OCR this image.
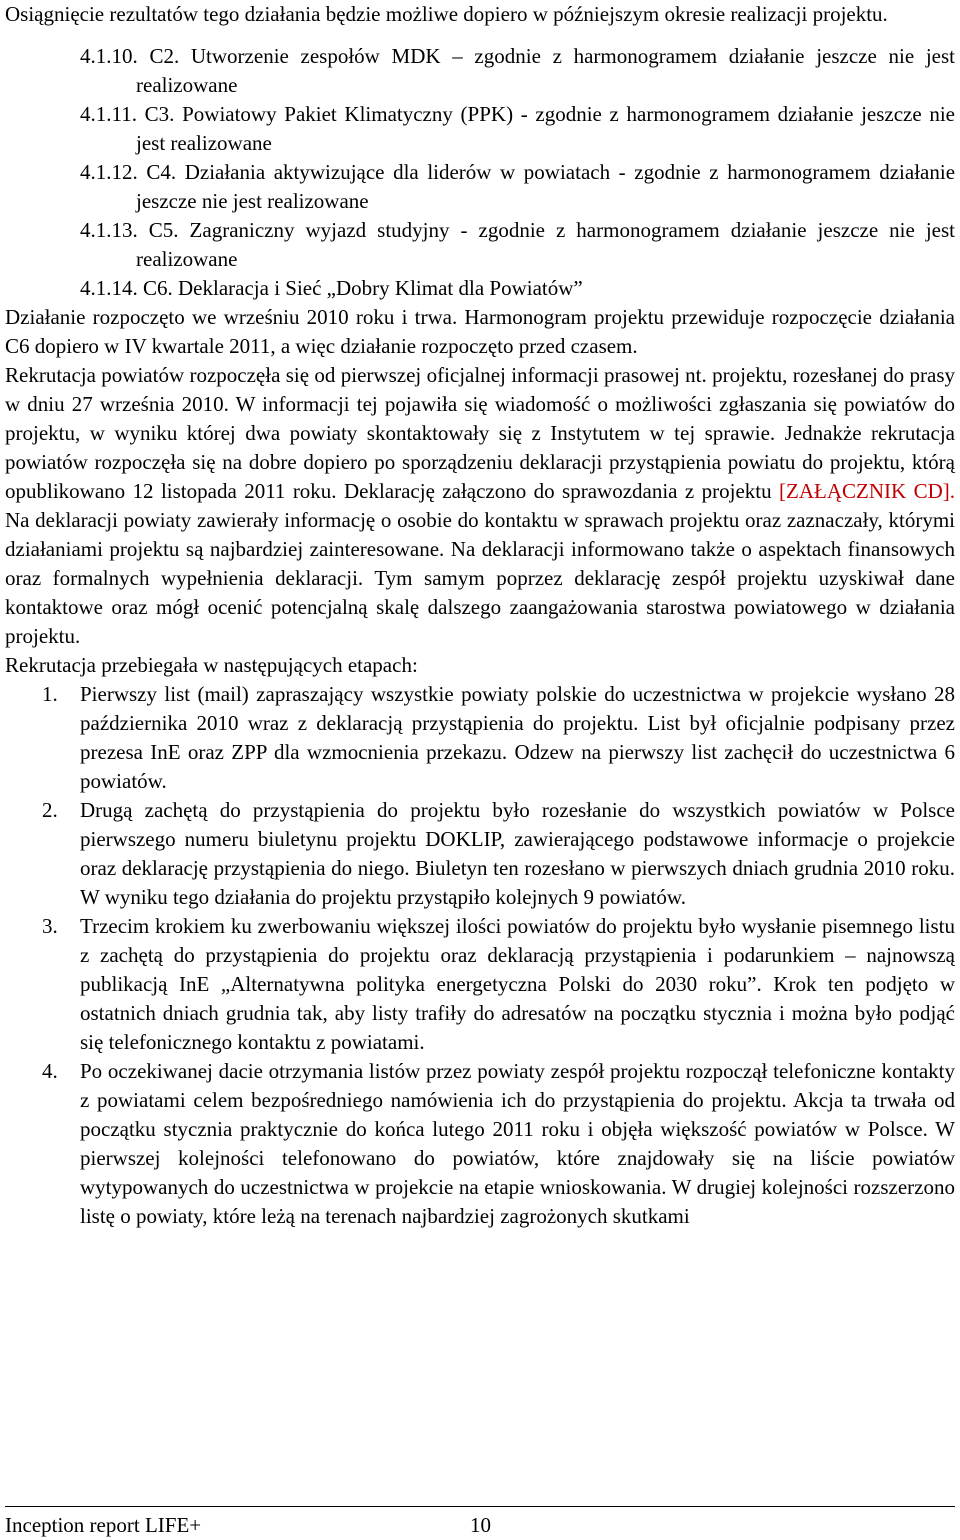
Osiągnięcie rezultatów tego działania będzie możliwe dopiero w późniejszym okresie realizacji projektu.

4.1.10. C2. Utworzenie zespołów MDK – zgodnie z harmonogramem działanie jeszcze nie jest realizowane
4.1.11. C3. Powiatowy Pakiet Klimatyczny (PPK) - zgodnie z harmonogramem działanie jeszcze nie jest realizowane
4.1.12. C4. Działania aktywizujące dla liderów w powiatach - zgodnie z harmonogramem działanie jeszcze nie jest realizowane
4.1.13. C5. Zagraniczny wyjazd studyjny - zgodnie z harmonogramem działanie jeszcze nie jest realizowane
4.1.14. C6. Deklaracja i Sieć „Dobry Klimat dla Powiatów”

Działanie rozpoczęto we wrześniu 2010 roku i trwa. Harmonogram projektu przewiduje rozpoczęcie działania C6 dopiero w IV kwartale 2011, a więc działanie rozpoczęto przed czasem.

Rekrutacja powiatów rozpoczęła się od pierwszej oficjalnej informacji prasowej nt. projektu, rozesłanej do prasy w dniu 27 września 2010. W informacji tej pojawiła się wiadomość o możliwości zgłaszania się powiatów do projektu, w wyniku której dwa powiaty skontaktowały się z Instytutem w tej sprawie. Jednakże rekrutacja powiatów rozpoczęła się na dobre dopiero po sporządzeniu deklaracji przystąpienia powiatu do projektu, którą opublikowano 12 listopada 2011 roku. Deklarację załączono do sprawozdania z projektu [ZAŁĄCZNIK CD]. Na deklaracji powiaty zawierały informację o osobie do kontaktu w sprawach projektu oraz zaznaczały, którymi działaniami projektu są najbardziej zainteresowane. Na deklaracji informowano także o aspektach finansowych oraz formalnych wypełnienia deklaracji. Tym samym poprzez deklarację zespół projektu uzyskiwał dane kontaktowe oraz mógł ocenić potencjalną skalę dalszego zaangażowania starostwa powiatowego w działania projektu.

Rekrutacja przebiegała w następujących etapach:

1. Pierwszy list (mail) zapraszający wszystkie powiaty polskie do uczestnictwa w projekcie wysłano 28 października 2010 wraz z deklaracją przystąpienia do projektu. List był oficjalnie podpisany przez prezesa InE oraz ZPP dla wzmocnienia przekazu. Odzew na pierwszy list zachęcił do uczestnictwa 6 powiatów.
2. Drugą zachętą do przystąpienia do projektu było rozesłanie do wszystkich powiatów w Polsce pierwszego numeru biuletynu projektu DOKLIP, zawierającego podstawowe informacje o projekcie oraz deklarację przystąpienia do niego. Biuletyn ten rozesłano w pierwszych dniach grudnia 2010 roku. W wyniku tego działania do projektu przystąpiło kolejnych 9 powiatów.
3. Trzecim krokiem ku zwerbowaniu większej ilości powiatów do projektu było wysłanie pisemnego listu z zachętą do przystąpienia do projektu oraz deklaracją przystąpienia i podarunkiem – najnowszą publikacją InE „Alternatywna polityka energetyczna Polski do 2030 roku”. Krok ten podjęto w ostatnich dniach grudnia tak, aby listy trafiły do adresatów na początku stycznia i można było podjąć się telefonicznego kontaktu z powiatami.
4. Po oczekiwanej dacie otrzymania listów przez powiaty zespół projektu rozpoczął telefoniczne kontakty z powiatami celem bezpośredniego namówienia ich do przystąpienia do projektu. Akcja ta trwała od początku stycznia praktycznie do końca lutego 2011 roku i objęła większość powiatów w Polsce. W pierwszej kolejności telefonowano do powiatów, które znajdowały się na liście powiatów wytypowanych do uczestnictwa w projekcie na etapie wnioskowania. W drugiej kolejności rozszerzono listę o powiaty, które leżą na terenach najbardziej zagrożonych skutkami
Inception report LIFE+	10
